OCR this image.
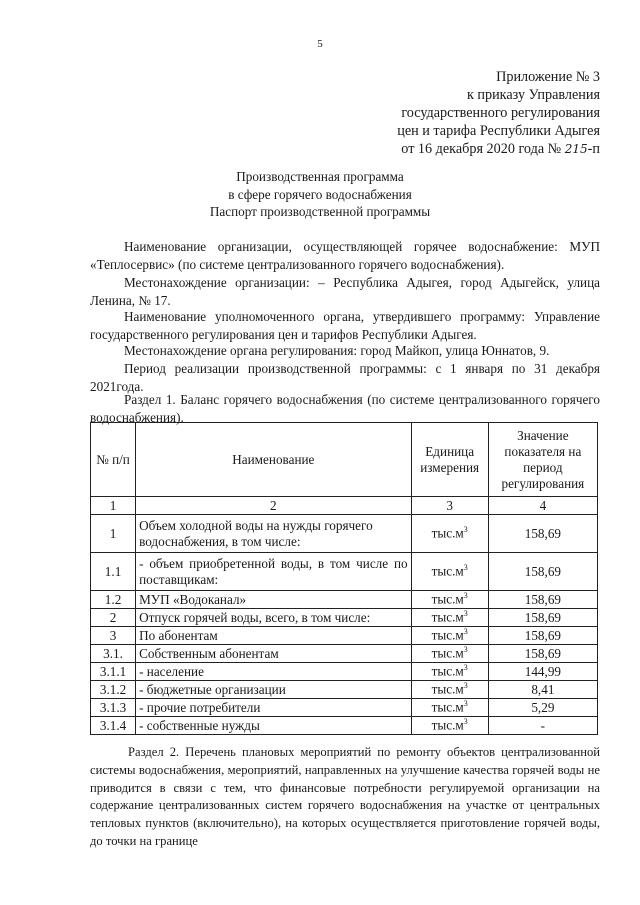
5
Приложение № 3
к приказу Управления
государственного регулирования
цен и тарифа Республики Адыгея
от 16 декабря 2020 года № 215-п
Производственная программа
в сфере горячего водоснабжения
Паспорт производственной программы
Наименование организации, осуществляющей горячее водоснабжение: МУП «Теплосервис» (по системе централизованного горячего водоснабжения).
Местонахождение организации: – Республика Адыгея, город Адыгейск, улица Ленина, № 17.
Наименование уполномоченного органа, утвердившего программу: Управление государственного регулирования цен и тарифов Республики Адыгея.
Местонахождение органа регулирования: город Майкоп, улица Юннатов, 9.
Период реализации производственной программы: с 1 января по 31 декабря 2021года.
Раздел 1. Баланс горячего водоснабжения (по системе централизованного горячего водоснабжения).
№ п/п	Наименование	Единица измерения	Значение показателя на период регулирования
1	2	3	4
1	Объем холодной воды на нужды горячего водоснабжения, в том числе:	$тыс.м^3$	158,69
1.1	- объем приобретенной воды, в том числе по поставщикам:	$тыс.м^3$	158,69
1.2	МУП «Водоканал»	$тыс.м^3$	158,69
2	Отпуск горячей воды, всего, в том числе:	$тыс.м^3$	158,69
3	По абонентам	$тыс.м^3$	158,69
3.1.	Собственным абонентам	$тыс.м^3$	158,69
3.1.1	- население	$тыс.м^3$	144,99
3.1.2	- бюджетные организации	$тыс.м^3$	8,41
3.1.3	- прочие потребители	$тыс.м^3$	5,29
3.1.4	- собственные нужды	$тыс.м^3$	-
Раздел 2. Перечень плановых мероприятий по ремонту объектов централизованной системы водоснабжения, мероприятий, направленных на улучшение качества горячей воды не приводится в связи с тем, что финансовые потребности регулируемой организации на содержание централизованных систем горячего водоснабжения на участке от центральных тепловых пунктов (включительно), на которых осуществляется приготовление горячей воды, до точки на границе
